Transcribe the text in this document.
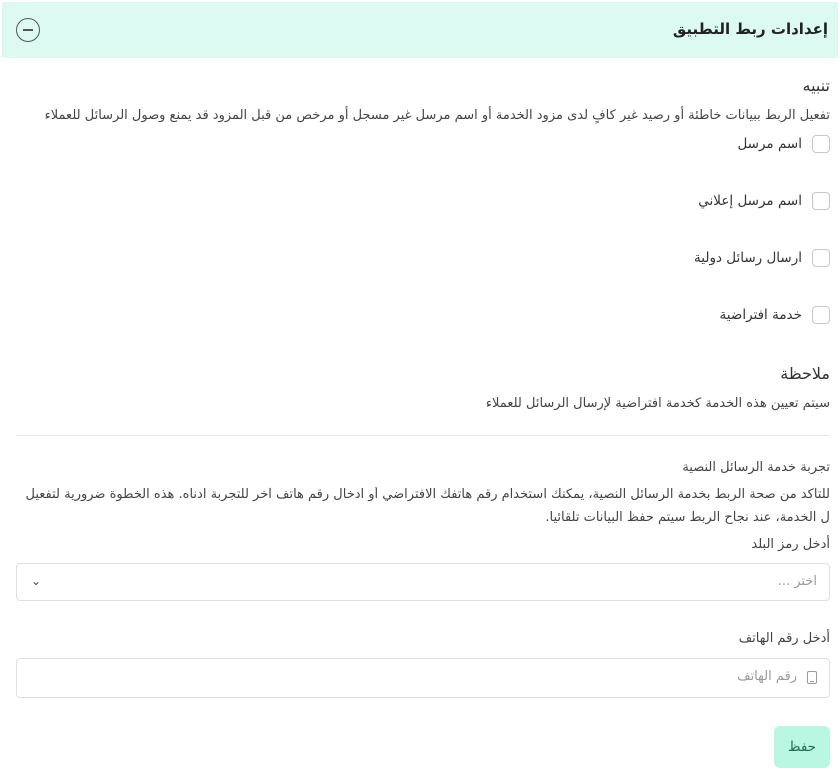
إعدادات ربط التطبيق
تنبيه
تفعيل الربط ببيانات خاطئة أو رصيد غير كافٍ لدى مزود الخدمة أو اسم مرسل غير مسجل أو مرخص من قبل المزود قد يمنع وصول الرسائل للعملاء
اسم مرسل
اسم مرسل إعلاني
ارسال رسائل دولية
خدمة افتراضية
ملاحظة
سيتم تعيين هذه الخدمة كخدمة افتراضية لإرسال الرسائل للعملاء
تجربة خدمة الرسائل النصية
للتأكد من صحة الربط بخدمة الرسائل النصية، يمكنك استخدام رقم هاتفك الافتراضي أو ادخال رقم هاتف آخر للتجربة ادناه. هذه الخطوة ضرورية لتفعيل
ل الخدمة، عند نجاح الربط سيتم حفظ البيانات تلقائيا.
أدخل رمز البلد
اختر ...
⌄
أدخل رقم الهاتف
رقم الهاتف
حفظ
